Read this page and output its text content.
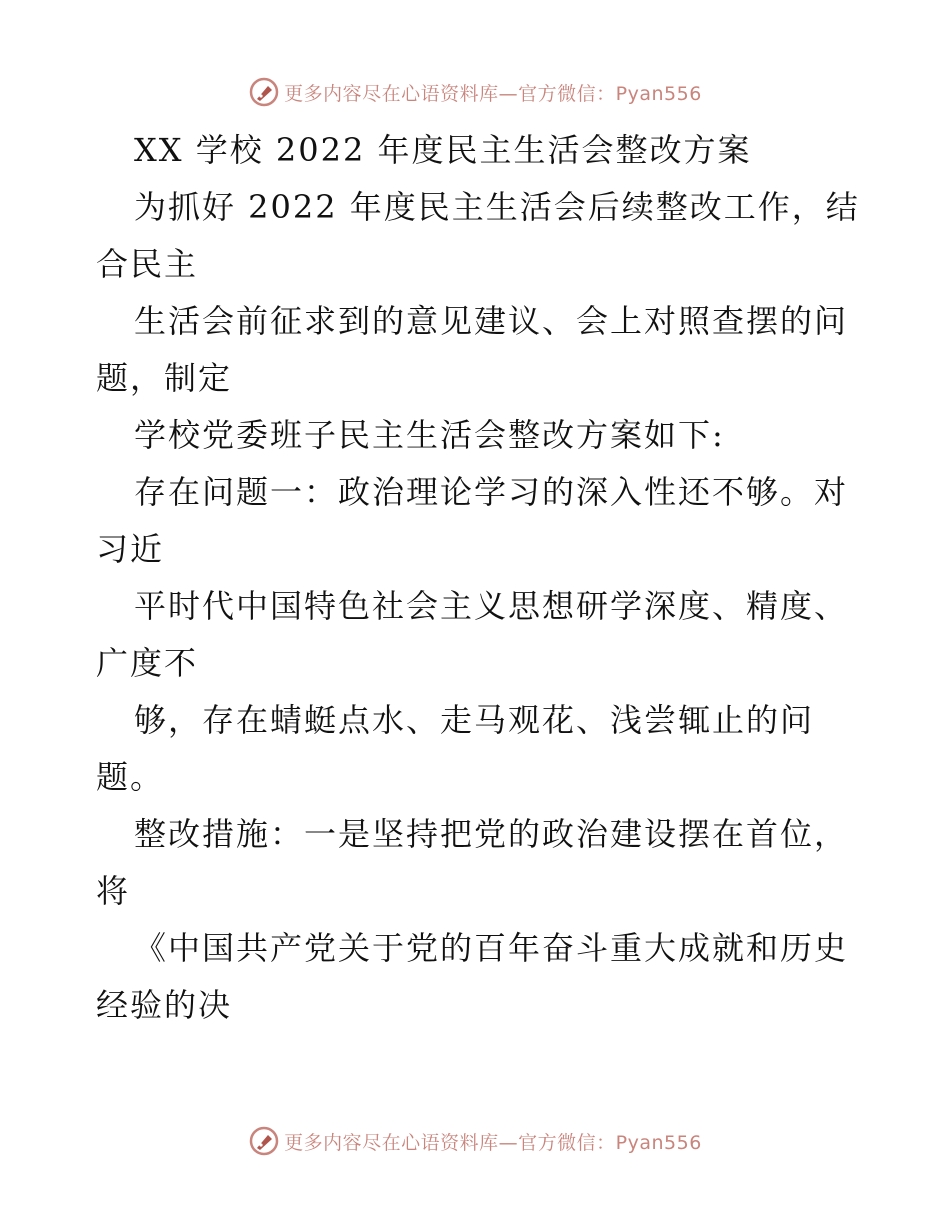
更多内容尽在心语资料库—官方微信：Pyan556
XX 学校 2022 年度民主生活会整改方案
为抓好 2022 年度民主生活会后续整改工作，结
合民主
生活会前征求到的意见建议、会上对照查摆的问
题，制定
学校党委班子民主生活会整改方案如下:
存在问题一：政治理论学习的深入性还不够。对
习近
平时代中国特色社会主义思想研学深度、精度、
广度不
够，存在蜻蜓点水、走马观花、浅尝辄止的问
题。
整改措施：一是坚持把党的政治建设摆在首位，
将
《中国共产党关于党的百年奋斗重大成就和历史
经验的决
更多内容尽在心语资料库—官方微信：Pyan556
